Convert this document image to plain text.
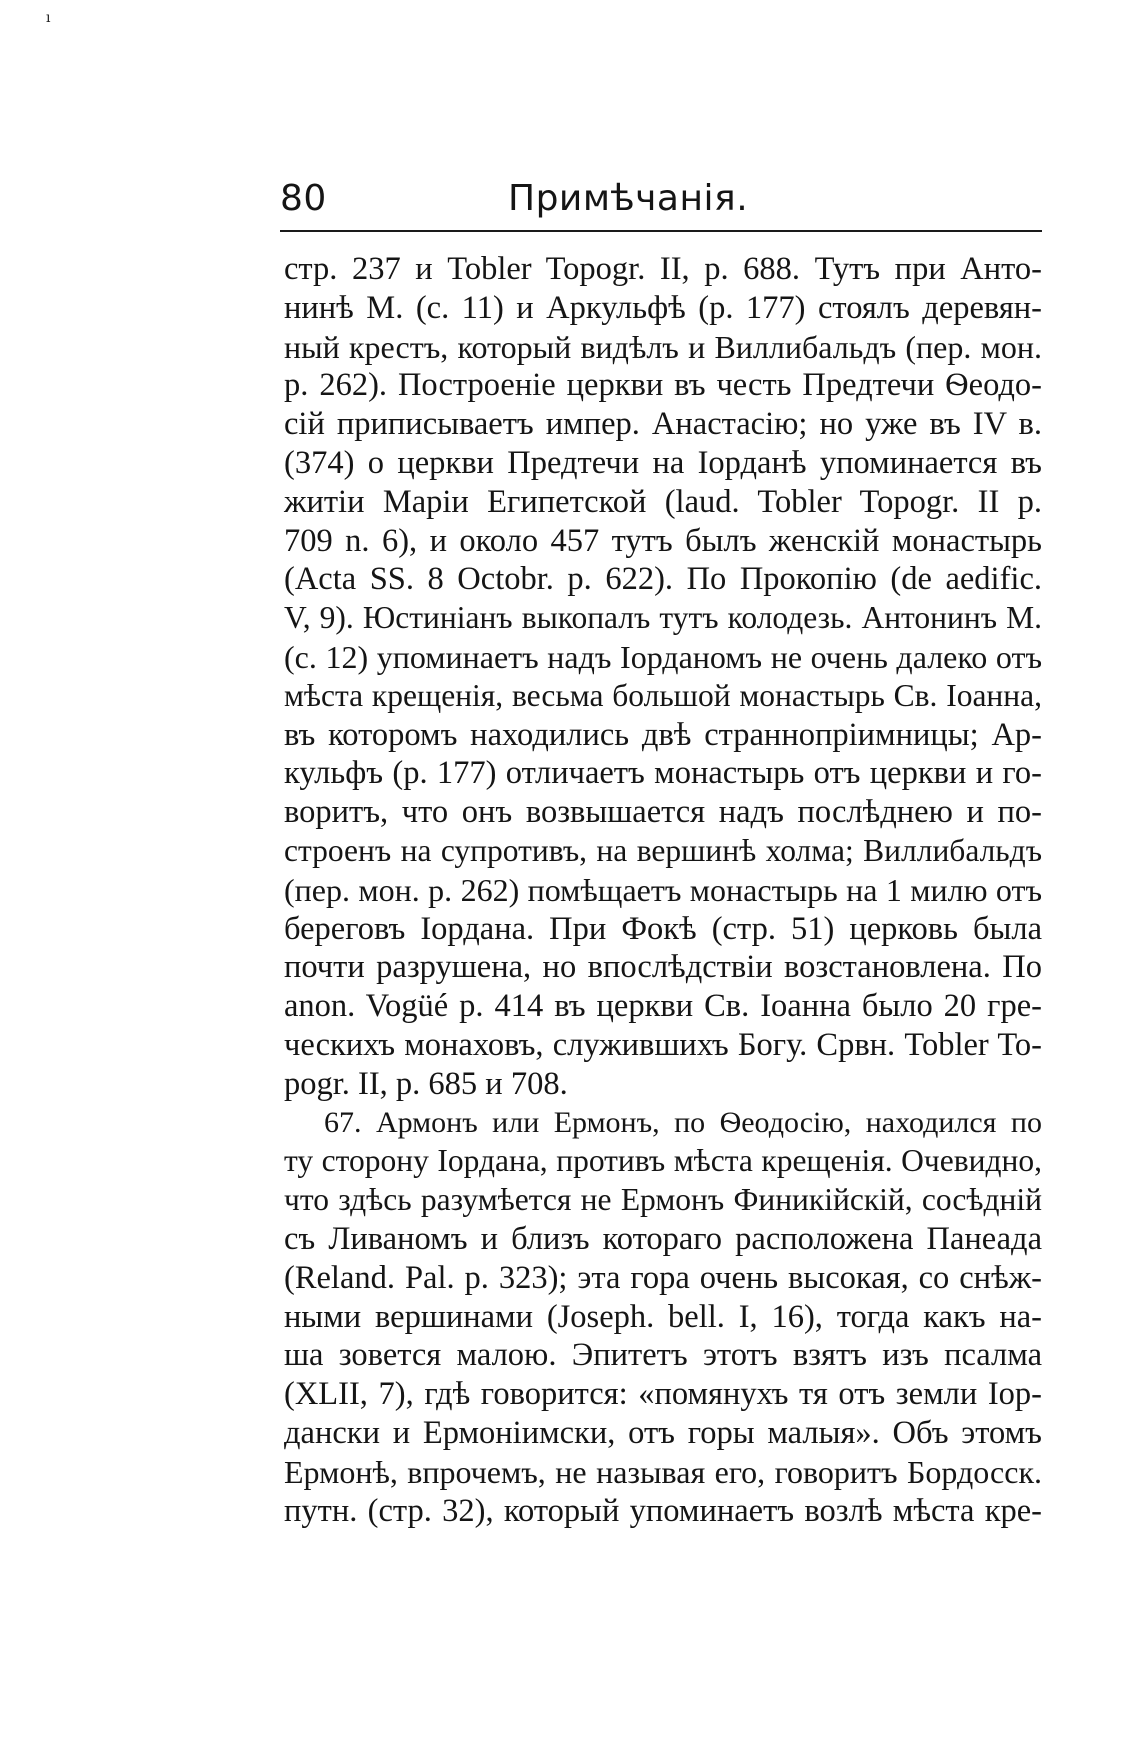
ı
80	Примѣчанія.
стр. 237 и Tobler Topogr. II, p. 688. Тутъ при Анто-
нинѣ М. (с. 11) и Аркульфѣ (р. 177) стоялъ деревян-
ный крестъ, который видѣлъ и Виллибальдъ (пер. мон.
р. 262). Построеніе церкви въ честь Предтечи Ѳеодо-
сій приписываетъ импер. Анастасію; но уже въ IV в.
(374) о церкви Предтечи на Іорданѣ упоминается въ
житіи Маріи Египетской (laud. Tobler Topogr. II p.
709 n. 6), и около 457 тутъ былъ женскій монастырь
(Acta SS. 8 Octobr. p. 622). По Прокопію (de aedific.
V, 9). Юстиніанъ выкопалъ тутъ колодезь. Антонинъ М.
(с. 12) упоминаетъ надъ Іорданомъ не очень далеко отъ
мѣста крещенія, весьма большой монастырь Св. Іоанна,
въ которомъ находились двѣ страннопріимницы; Ар-
кульфъ (р. 177) отличаетъ монастырь отъ церкви и го-
воритъ, что онъ возвышается надъ послѣднею и по-
строенъ на супротивъ, на вершинѣ холма; Виллибальдъ
(пер. мон. р. 262) помѣщаетъ монастырь на 1 милю отъ
береговъ Іордана. При Фокѣ (стр. 51) церковь была
почти разрушена, но впослѣдствіи возстановлена. По
anon. Vogüé p. 414 въ церкви Св. Іоанна было 20 гре-
ческихъ монаховъ, служившихъ Богу. Срвн. Tobler To-
pogr. II, p. 685 и 708.
67. Армонъ или Ермонъ, по Ѳеодосію, находился по
ту сторону Іордана, противъ мѣста крещенія. Очевидно,
что здѣсь разумѣется не Ермонъ Финикійскій, сосѣдній
съ Ливаномъ и близъ котораго расположена Панеада
(Reland. Pal. p. 323); эта гора очень высокая, со снѣж-
ными вершинами (Joseph. bell. I, 16), тогда какъ на-
ша зовется малою. Эпитетъ этотъ взятъ изъ псалма
(XLII, 7), гдѣ говорится: «помянухъ тя отъ земли Іор-
дански и Ермоніимски, отъ горы малыя». Объ этомъ
Ермонѣ, впрочемъ, не называя его, говоритъ Бордосск.
путн. (стр. 32), который упоминаетъ возлѣ мѣста кре-
